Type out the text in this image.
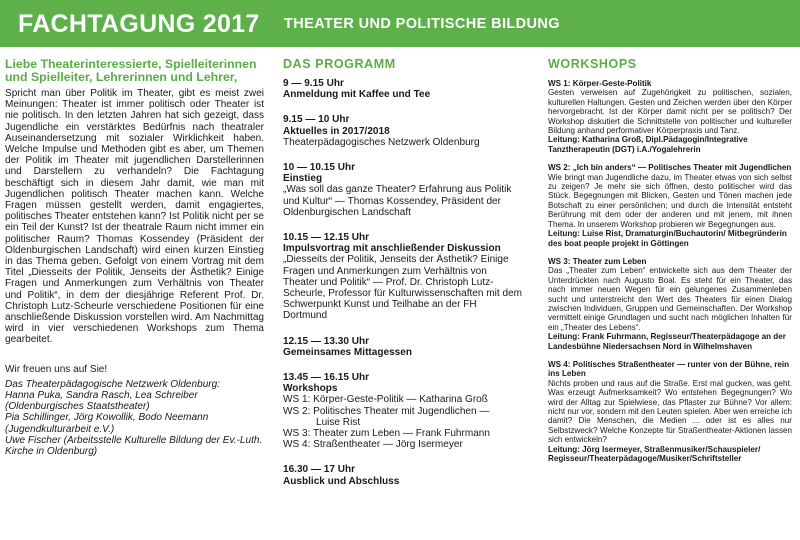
FACHTAGUNG 2017 THEATER UND POLITISCHE BILDUNG
Liebe Theaterinteressierte, Spielleiterinnen und Spielleiter, Lehrerinnen und Lehrer,
Spricht man über Politik im Theater, gibt es meist zwei Meinungen: Theater ist immer politisch oder Theater ist nie politisch. In den letzten Jahren hat sich gezeigt, dass Jugendliche ein verstärktes Bedürfnis nach theatraler Auseinandersetzung mit sozialer Wirklichkeit haben. Welche Impulse und Methoden gibt es aber, um Themen der Politik im Theater mit jugendlichen Darstellerinnen und Darstellern zu verhandeln? Die Fachtagung beschäftigt sich in diesem Jahr damit, wie man mit Jugendlichen politisch Theater machen kann. Welche Fragen müssen gestellt werden, damit engagiertes, politisches Theater entstehen kann? Ist Politik nicht per se ein Teil der Kunst? Ist der theatrale Raum nicht immer ein politischer Raum? Thomas Kossendey (Präsident der Oldenburgischen Landschaft) wird einen kurzen Einstieg in das Thema geben. Gefolgt von einem Vortrag mit dem Titel „Diesseits der Politik, Jenseits der Ästhetik? Einige Fragen und Anmerkungen zum Verhältnis von Theater und Politik“, in dem der diesjährige Referent Prof. Dr. Christoph Lutz-Scheurle verschiedene Positionen für eine anschließende Diskussion vorstellen wird. Am Nachmittag wird in vier verschiedenen Workshops zum Thema gearbeitet.
Wir freuen uns auf Sie!
Das Theaterpädagogische Netzwerk Oldenburg:
Hanna Puka, Sandra Rasch, Lea Schreiber (Oldenburgisches Staatstheater)
Pia Schillinger, Jörg Kowollik, Bodo Neemann (Jugendkulturarbeit e.V.)
Uwe Fischer (Arbeitsstelle Kulturelle Bildung der Ev.-Luth. Kirche in Oldenburg)
DAS PROGRAMM
9 — 9.15 Uhr
Anmeldung mit Kaffee und Tee
9.15 — 10 Uhr
Aktuelles in 2017/2018
Theaterpädagogisches Netzwerk Oldenburg
10 — 10.15 Uhr
Einstieg
„Was soll das ganze Theater? Erfahrung aus Politik und Kultur“ — Thomas Kossendey, Präsident der Oldenburgischen Landschaft
10.15 — 12.15 Uhr
Impulsvortrag mit anschließender Diskussion
„Diesseits der Politik, Jenseits der Ästhetik? Einige Fragen und Anmerkungen zum Verhältnis von Theater und Politik“ — Prof. Dr. Christoph Lutz-Scheurle, Professor für Kulturwissenschaften mit dem Schwerpunkt Kunst und Teilhabe an der FH Dortmund
12.15 — 13.30 Uhr
Gemeinsames Mittagessen
13.45 — 16.15 Uhr
Workshops
WS 1: Körper-Geste-Politik — Katharina Groß
WS 2: Politisches Theater mit Jugendlichen —
Luise Rist
WS 3: Theater zum Leben — Frank Fuhrmann
WS 4: Straßentheater — Jörg Isermeyer
16.30 — 17 Uhr
Ausblick und Abschluss
WORKSHOPS
WS 1: Körper-Geste-Politik
Gesten verweisen auf Zugehörigkeit zu politischen, sozialen, kulturellen Haltungen. Gesten und Zeichen werden über den Körper hervorgebracht. Ist der Körper damit nicht per se politisch? Der Workshop diskutiert die Schnittstelle von politischer und kultureller Bildung anhand performativer Körperpraxis und Tanz.
Leitung: Katharina Groß, Dipl.Pädagogin/Integrative Tanztherapeutin (DGT) i.A./Yogalehrerin
WS 2: „Ich bin anders“ — Politisches Theater mit Jugendlichen
Wie bringt man Jugendliche dazu, im Theater etwas von sich selbst zu zeigen? Je mehr sie sich öffnen, desto politischer wird das Stück. Begegnungen mit Blicken, Gesten und Tönen machen jede Botschaft zu einer persönlichen; und durch die Intensität entsteht Berührung mit dem oder der anderen und mit jenem, mit ihnen Thema. In unserem Workshop probieren wir Begegnungen aus.
Leitung: Luise Rist, Dramaturgin/Buchautorin/ Mitbegründerin des boat people projekt in Göttingen
WS 3: Theater zum Leben
Das „Theater zum Leben“ entwickelte sich aus dem Theater der Unterdrückten nach Augusto Boal. Es steht für ein Theater, das nach immer neuen Wegen für ein gelungenes Zusammenleben sucht und unterstreicht den Wert des Theaters für einen Dialog zwischen Individuen, Gruppen und Gemeinschaften. Der Workshop vermittelt einige Grundlagen und sucht nach möglichen Inhalten für ein „Theater des Lebens“.
Leitung: Frank Fuhrmann, Regisseur/Theaterpädagoge an der Landesbühne Niedersachsen Nord in Wilhelmshaven
WS 4: Politisches Straßentheater — runter von der Bühne, rein ins Leben
Nichts proben und raus auf die Straße. Erst mal gucken, was geht. Was erzeugt Aufmerksamkeit? Wo entstehen Begegnungen? Wo wird der Alltag zur Spielwiese, das Pflaster zur Bühne? Vor allem: nicht nur vor, sondern mit den Leuten spielen. Aber wen erreiche ich damit? Die Menschen, die Medien ... oder ist es alles nur Selbstzweck? Welche Konzepte für Straßentheater-Aktionen lassen sich entwickeln?
Leitung: Jörg Isermeyer, Straßenmusiker/Schauspieler/ Regisseur/Theaterpädagoge/Musiker/Schriftsteller
